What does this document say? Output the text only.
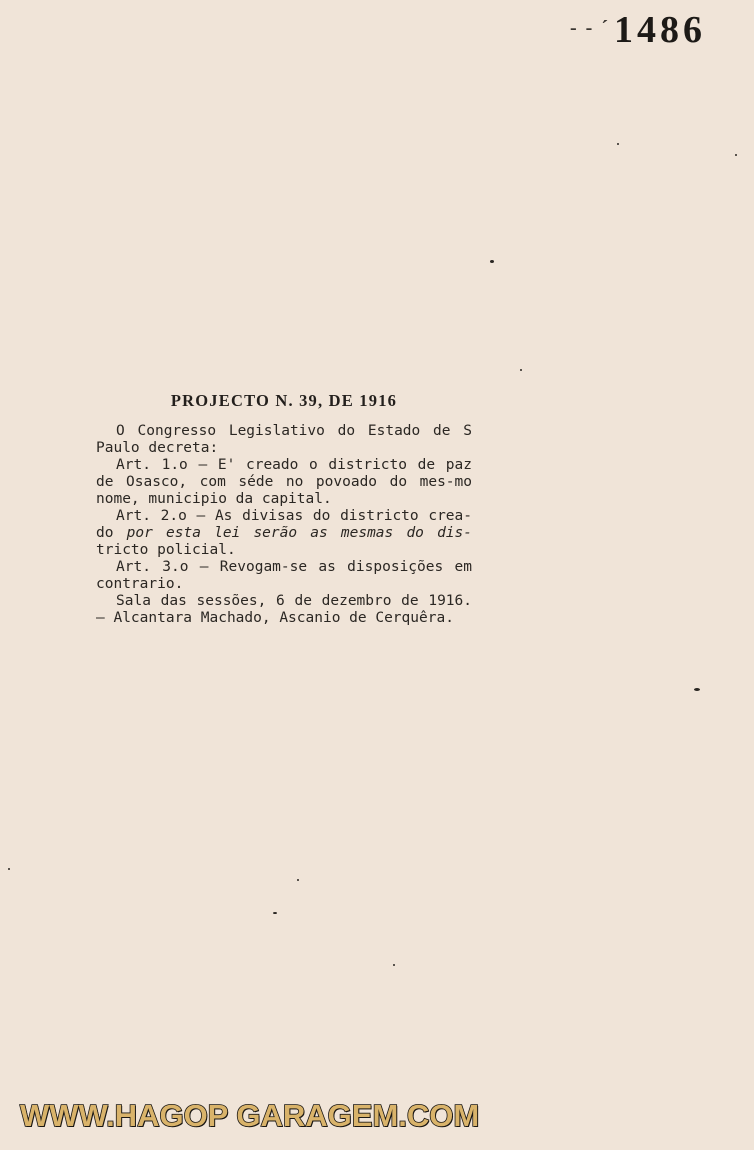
- - ´ 1486
PROJECTO N. 39, DE 1916

O Congresso Legislativo do Estado de S Paulo decreta:

Art. 1.o — E' creado o districto de paz de Osasco, com séde no povoado do mes-mo nome, municipio da capital.

Art. 2.o — As divisas do districto crea-do por esta lei serão as mesmas do dis-tricto policial.

Art. 3.o — Revogam-se as disposições em contrario.

Sala das sessões, 6 de dezembro de 1916. — Alcantara Machado, Ascanio de Cerquêra.

WWW.HAGOP GARAGEM.COM
